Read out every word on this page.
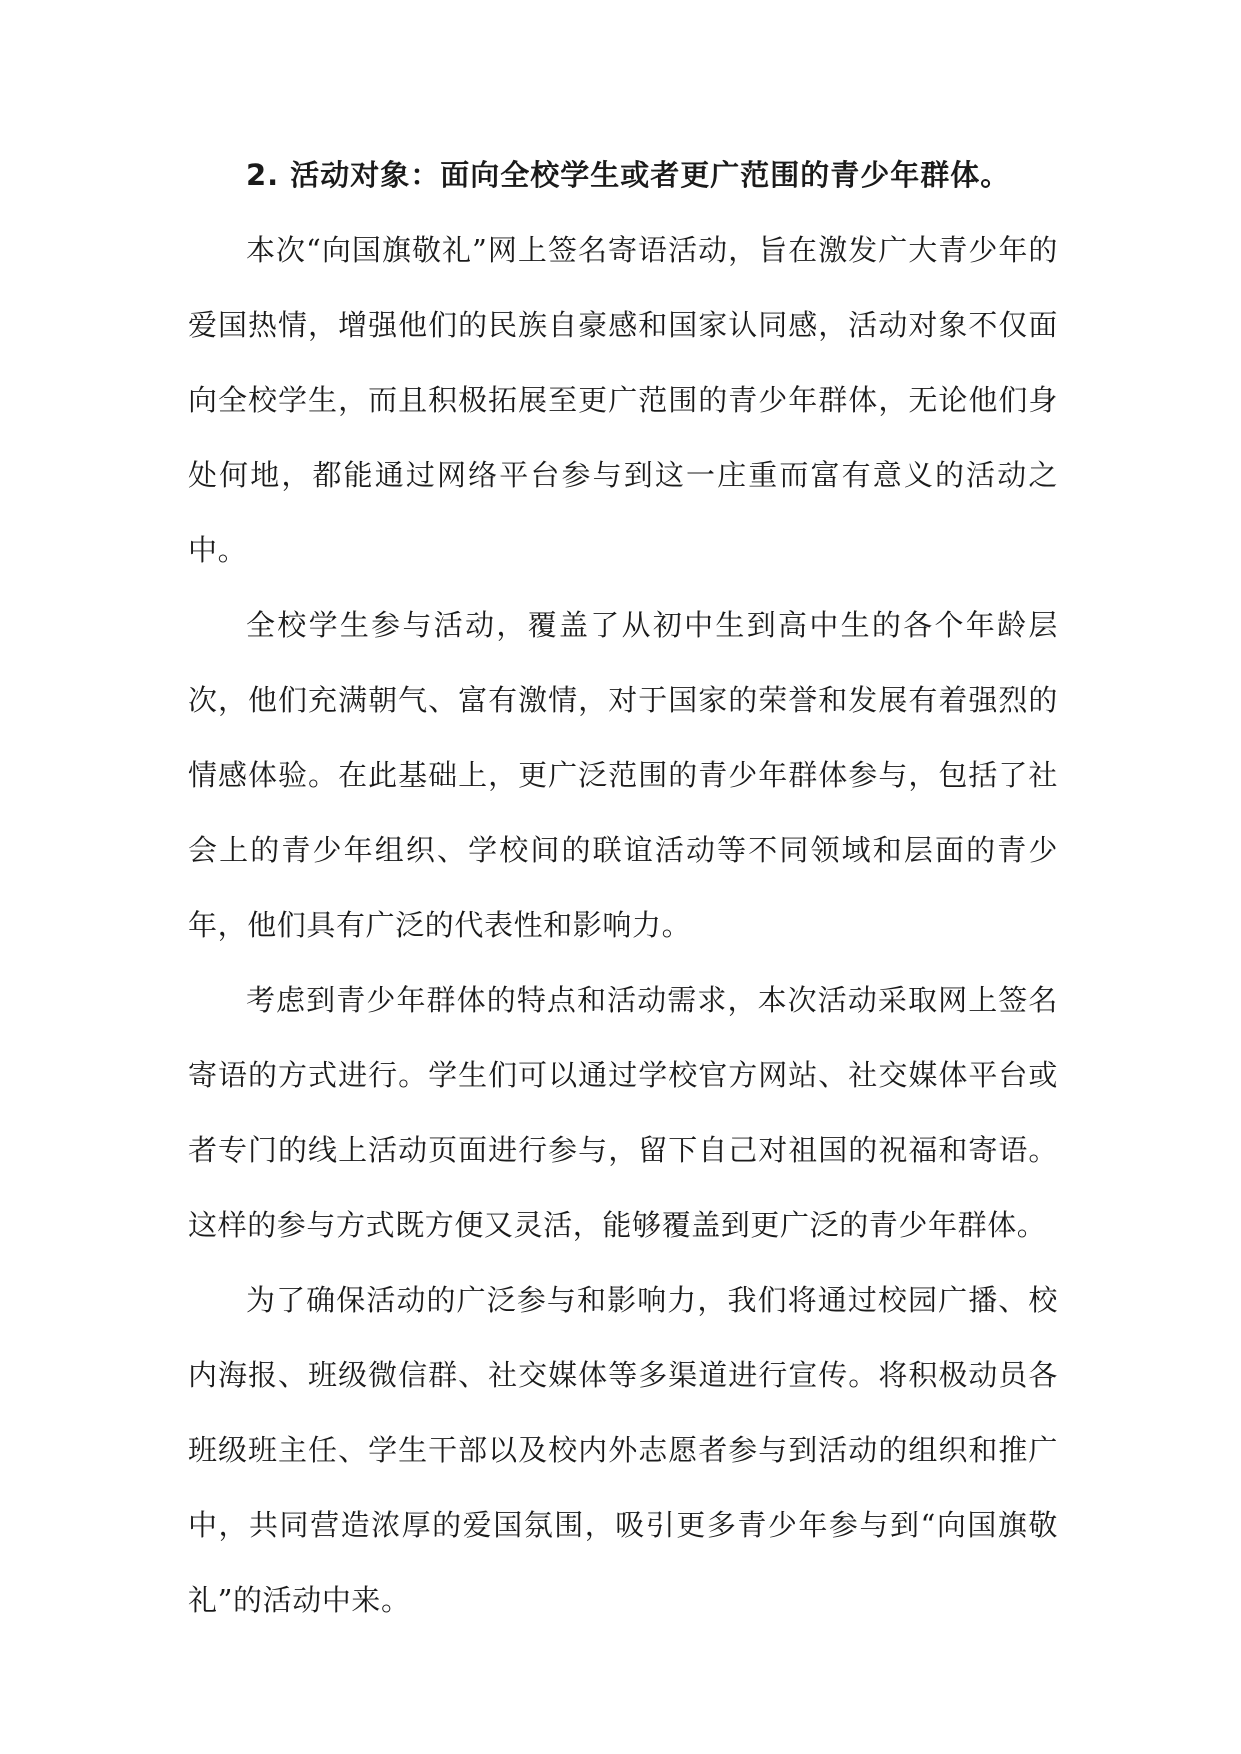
2. 活动对象：面向全校学生或者更广范围的青少年群体。

本次“向国旗敬礼”网上签名寄语活动，旨在激发广大青少年的爱国热情，增强他们的民族自豪感和国家认同感，活动对象不仅面向全校学生，而且积极拓展至更广范围的青少年群体，无论他们身处何地，都能通过网络平台参与到这一庄重而富有意义的活动之中。

全校学生参与活动，覆盖了从初中生到高中生的各个年龄层次，他们充满朝气、富有激情，对于国家的荣誉和发展有着强烈的情感体验。在此基础上，更广泛范围的青少年群体参与，包括了社会上的青少年组织、学校间的联谊活动等不同领域和层面的青少年，他们具有广泛的代表性和影响力。

考虑到青少年群体的特点和活动需求，本次活动采取网上签名寄语的方式进行。学生们可以通过学校官方网站、社交媒体平台或者专门的线上活动页面进行参与，留下自己对祖国的祝福和寄语。这样的参与方式既方便又灵活，能够覆盖到更广泛的青少年群体。

为了确保活动的广泛参与和影响力，我们将通过校园广播、校内海报、班级微信群、社交媒体等多渠道进行宣传。将积极动员各班级班主任、学生干部以及校内外志愿者参与到活动的组织和推广中，共同营造浓厚的爱国氛围，吸引更多青少年参与到“向国旗敬礼”的活动中来。
